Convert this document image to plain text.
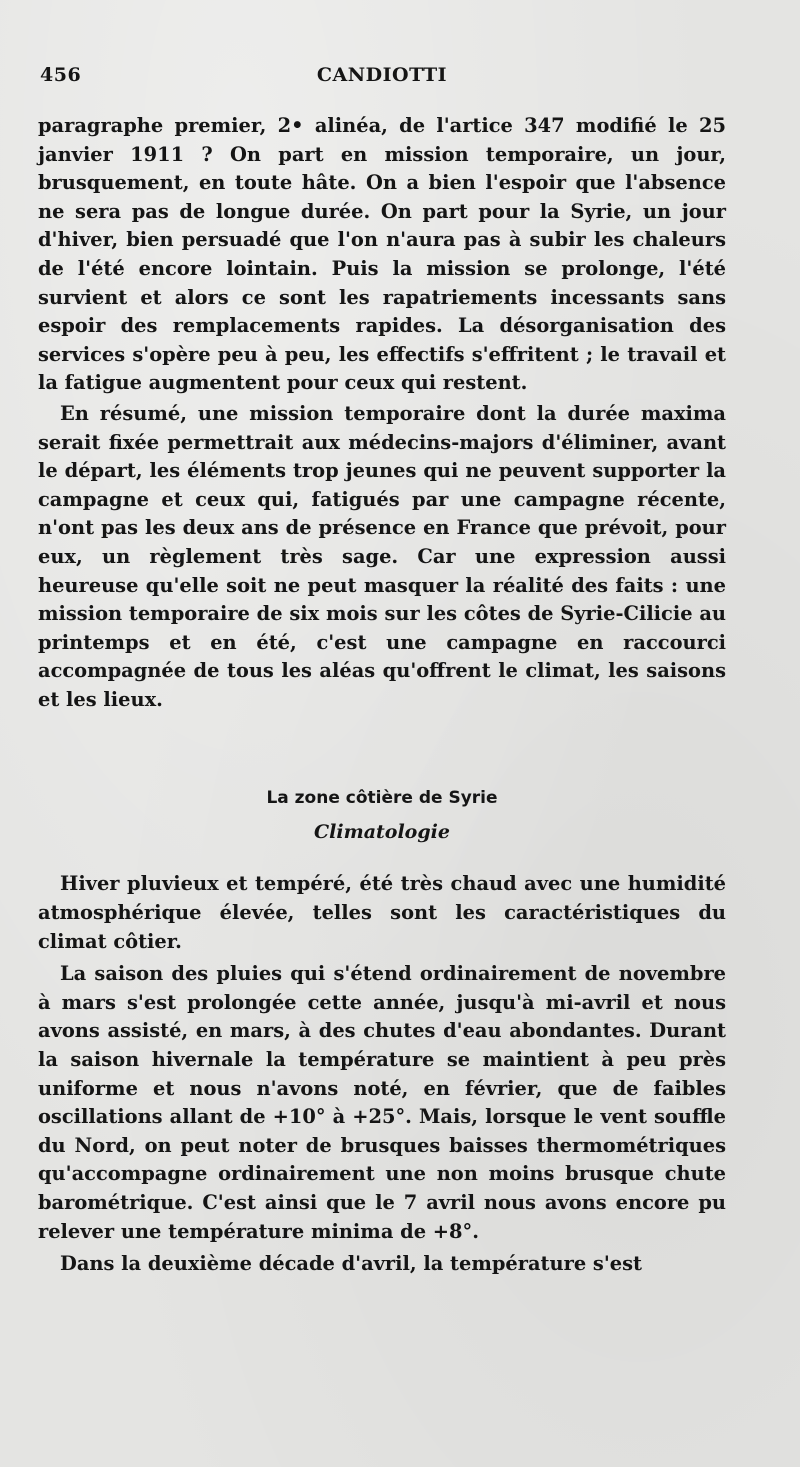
456	CANDIOTTI

paragraphe premier, 2• alinéa, de l'artice 347 modifié le 25 janvier 1911 ? On part en mission temporaire, un jour, brusquement, en toute hâte. On a bien l'espoir que l'absence ne sera pas de longue durée. On part pour la Syrie, un jour d'hiver, bien persuadé que l'on n'aura pas à subir les chaleurs de l'été encore lointain. Puis la mission se prolonge, l'été survient et alors ce sont les rapatriements incessants sans espoir des remplacements rapides. La désorganisation des services s'opère peu à peu, les effectifs s'effritent ; le travail et la fatigue augmentent pour ceux qui restent.

En résumé, une mission temporaire dont la durée maxima serait fixée permettrait aux médecins-majors d'éliminer, avant le départ, les éléments trop jeunes qui ne peuvent supporter la campagne et ceux qui, fatigués par une campagne récente, n'ont pas les deux ans de présence en France que prévoit, pour eux, un règlement très sage. Car une expression aussi heureuse qu'elle soit ne peut masquer la réalité des faits : une mission temporaire de six mois sur les côtes de Syrie-Cilicie au printemps et en été, c'est une campagne en raccourci accompagnée de tous les aléas qu'offrent le climat, les saisons et les lieux.

La zone côtière de Syrie
Climatologie

Hiver pluvieux et tempéré, été très chaud avec une humidité atmosphérique élevée, telles sont les caractéristiques du climat côtier.

La saison des pluies qui s'étend ordinairement de novembre à mars s'est prolongée cette année, jusqu'à mi-avril et nous avons assisté, en mars, à des chutes d'eau abondantes. Durant la saison hivernale la température se maintient à peu près uniforme et nous n'avons noté, en février, que de faibles oscillations allant de +10° à +25°. Mais, lorsque le vent souffle du Nord, on peut noter de brusques baisses thermométriques qu'accompagne ordinairement une non moins brusque chute barométrique. C'est ainsi que le 7 avril nous avons encore pu relever une température minima de +8°.

Dans la deuxième décade d'avril, la température s'est
